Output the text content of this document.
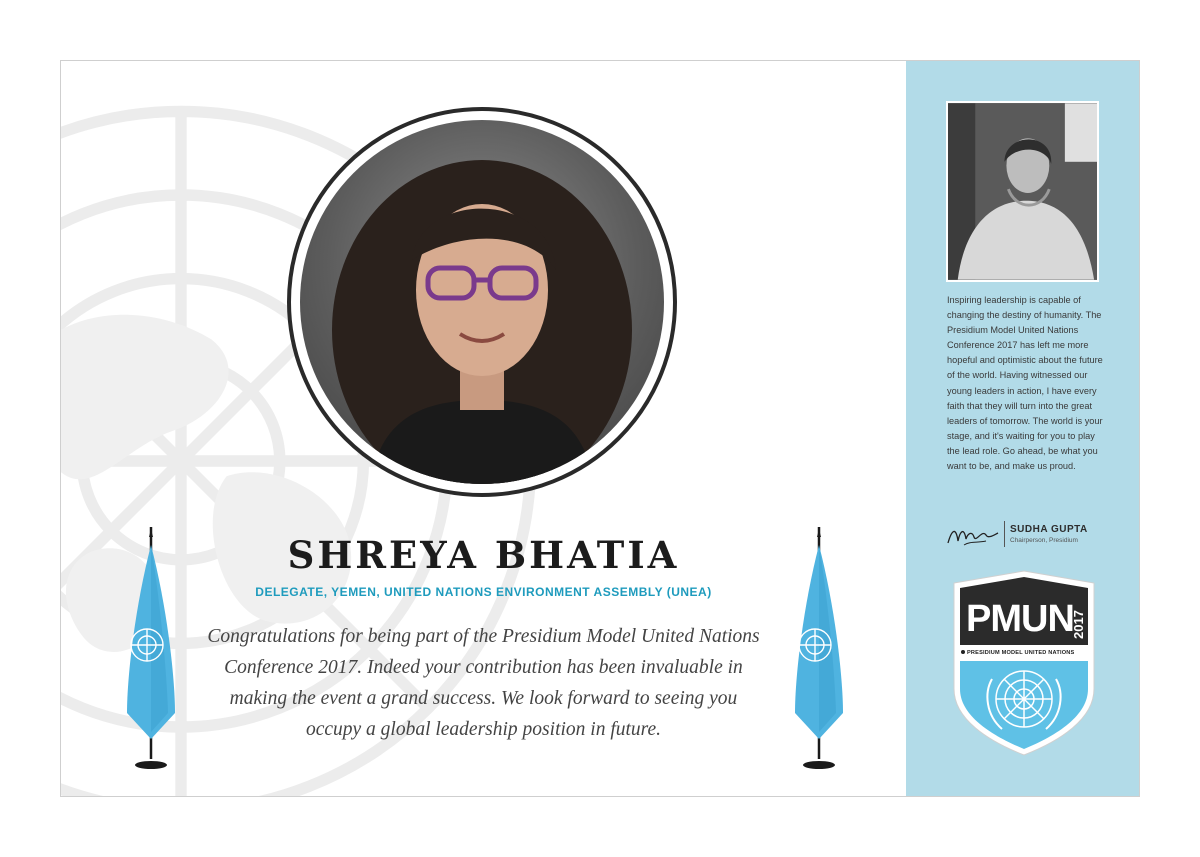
SHREYA BHATIA
DELEGATE, YEMEN, UNITED NATIONS ENVIRONMENT ASSEMBLY (UNEA)
Congratulations for being part of the Presidium Model United Nations Conference 2017. Indeed your contribution has been invaluable in making the event a grand success. We look forward to seeing you occupy a global leadership position in future.
Inspiring leadership is capable of changing the destiny of humanity. The Presidium Model United Nations Conference 2017 has left me more hopeful and optimistic about the future of the world. Having witnessed our young leaders in action, I have every faith that they will turn into the great leaders of tomorrow. The world is your stage, and it's waiting for you to play the lead role. Go ahead, be what you want to be, and make us proud.
SUDHA GUPTA
Chairperson, Presidium
PMUN
2017
PRESIDIUM MODEL UNITED NATIONS
